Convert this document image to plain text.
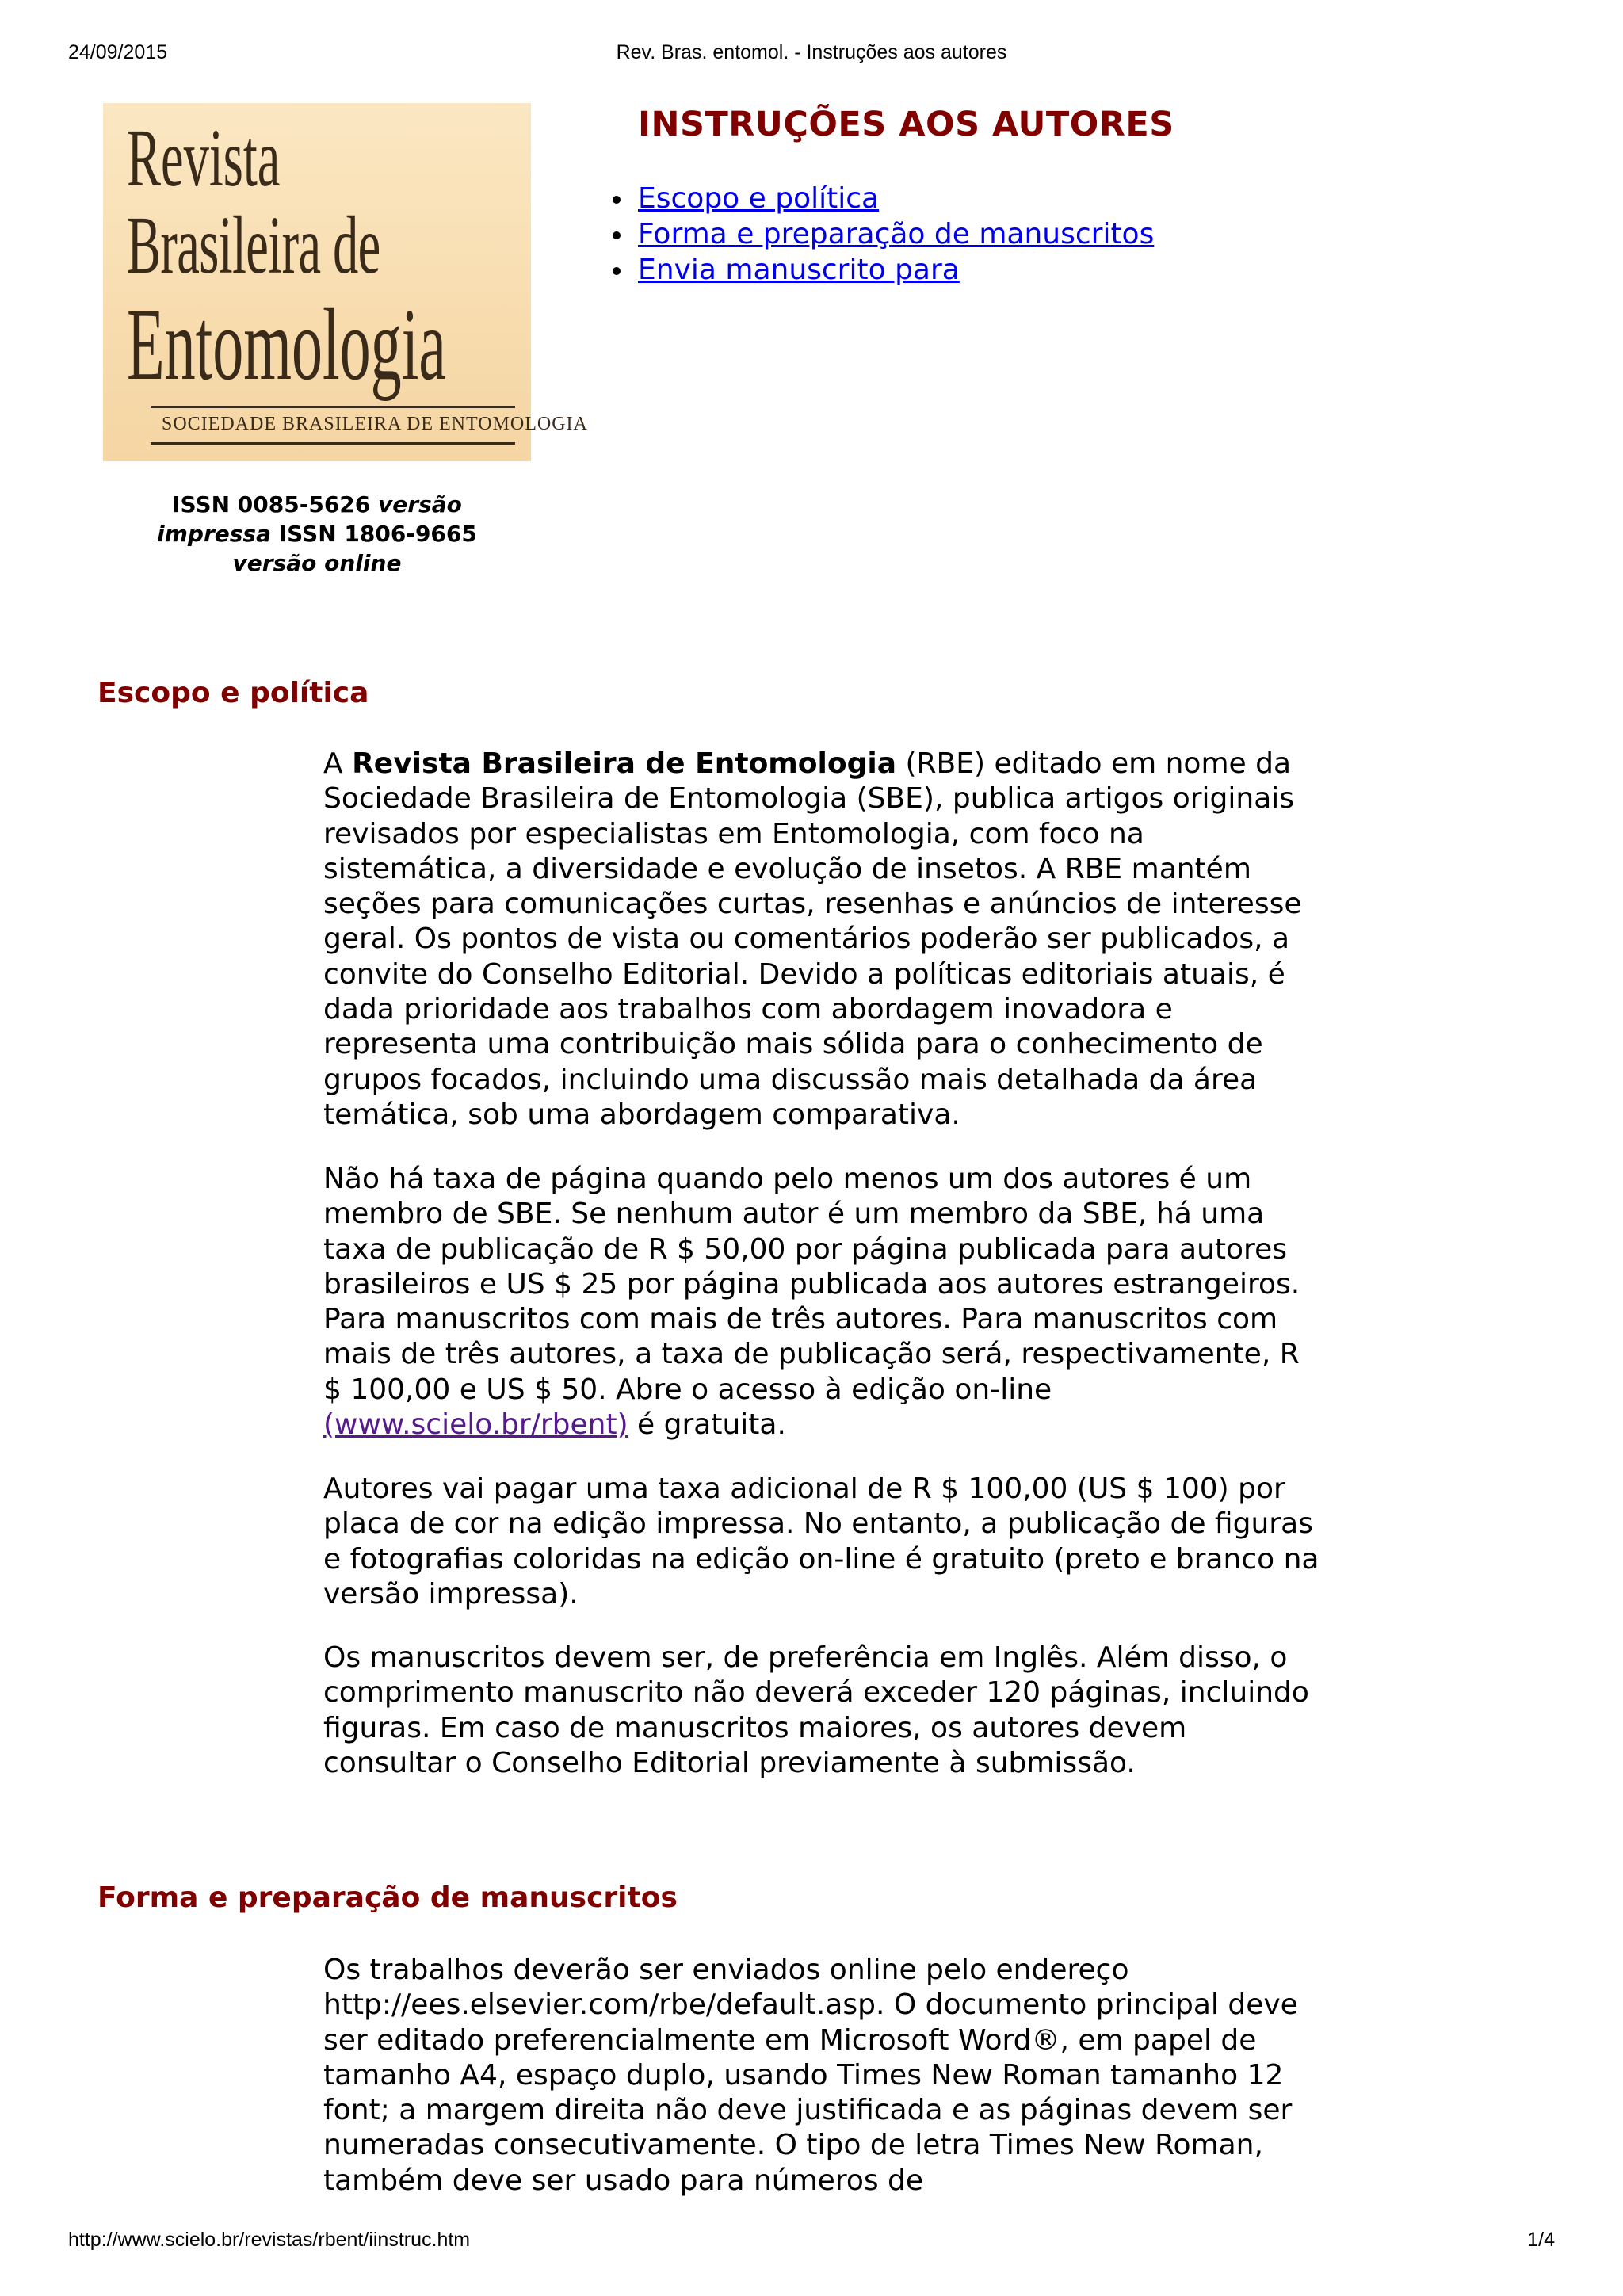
24/09/2015	Rev. Bras. entomol. - Instruções aos autores
Revista
Brasileira de
Entomologia
SOCIEDADE BRASILEIRA DE ENTOMOLOGIA
ISSN 0085-5626 versão
impressa ISSN 1806-9665
versão online
INSTRUÇÕES AOS AUTORES
Escopo e política
Forma e preparação de manuscritos
Envia manuscrito para
Escopo e política

A Revista Brasileira de Entomologia (RBE) editado em nome da Sociedade Brasileira de Entomologia (SBE), publica artigos originais revisados por especialistas em Entomologia, com foco na sistemática, a diversidade e evolução de insetos. A RBE mantém seções para comunicações curtas, resenhas e anúncios de interesse geral. Os pontos de vista ou comentários poderão ser publicados, a convite do Conselho Editorial. Devido a políticas editoriais atuais, é dada prioridade aos trabalhos com abordagem inovadora e representa uma contribuição mais sólida para o conhecimento de grupos focados, incluindo uma discussão mais detalhada da área temática, sob uma abordagem comparativa.

Não há taxa de página quando pelo menos um dos autores é um membro de SBE. Se nenhum autor é um membro da SBE, há uma taxa de publicação de R $ 50,00 por página publicada para autores brasileiros e US $ 25 por página publicada aos autores estrangeiros. Para manuscritos com mais de três autores. Para manuscritos com mais de três autores, a taxa de publicação será, respectivamente, R $ 100,00 e US $ 50. Abre o acesso à edição on-line (www.scielo.br/rbent) é gratuita.

Autores vai pagar uma taxa adicional de R $ 100,00 (US $ 100) por placa de cor na edição impressa. No entanto, a publicação de figuras e fotografias coloridas na edição on-line é gratuito (preto e branco na versão impressa).

Os manuscritos devem ser, de preferência em Inglês. Além disso, o comprimento manuscrito não deverá exceder 120 páginas, incluindo figuras. Em caso de manuscritos maiores, os autores devem consultar o Conselho Editorial previamente à submissão.

Forma e preparação de manuscritos

Os trabalhos deverão ser enviados online pelo endereço http://ees.elsevier.com/rbe/default.asp. O documento principal deve ser editado preferencialmente em Microsoft Word®, em papel de tamanho A4, espaço duplo, usando Times New Roman tamanho 12 font; a margem direita não deve justificada e as páginas devem ser numeradas consecutivamente. O tipo de letra Times New Roman, também deve ser usado para números de

http://www.scielo.br/revistas/rbent/iinstruc.htm	1/4
